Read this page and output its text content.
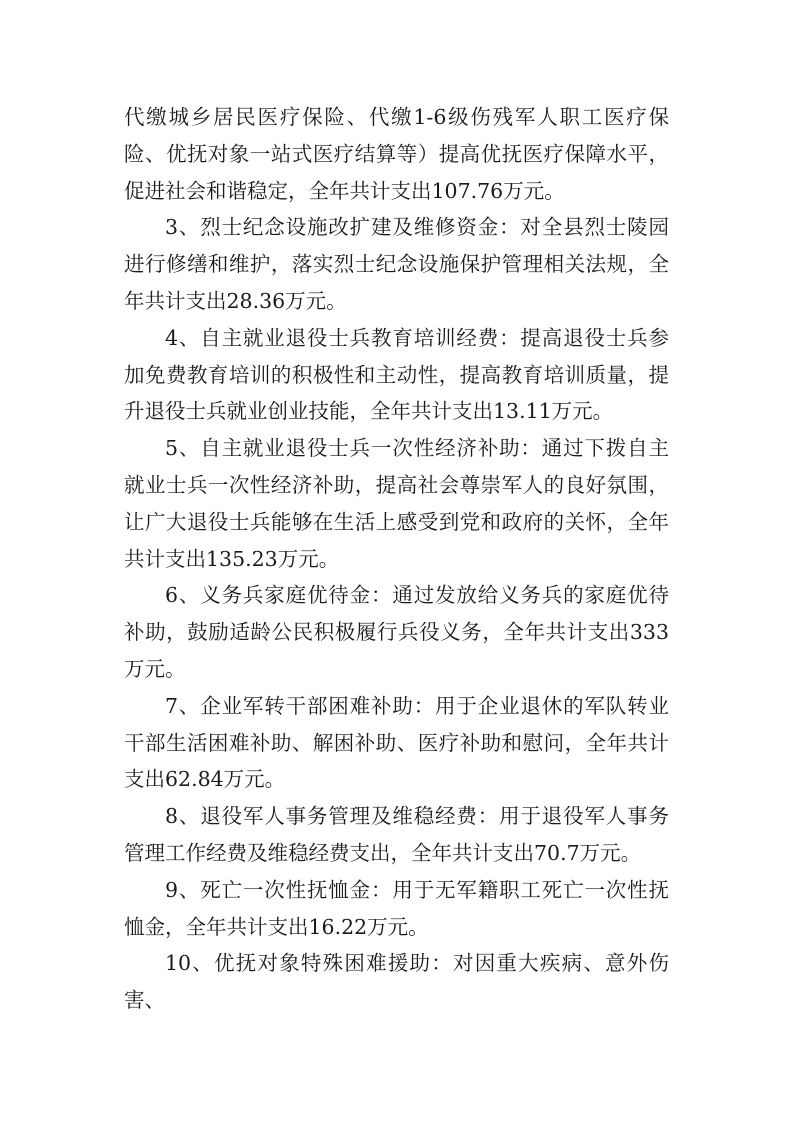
代缴城乡居民医疗保险、代缴1-6级伤残军人职工医疗保险、优抚对象一站式医疗结算等）提高优抚医疗保障水平，促进社会和谐稳定，全年共计支出107.76万元。

3、烈士纪念设施改扩建及维修资金：对全县烈士陵园进行修缮和维护，落实烈士纪念设施保护管理相关法规，全年共计支出28.36万元。

4、自主就业退役士兵教育培训经费：提高退役士兵参加免费教育培训的积极性和主动性，提高教育培训质量，提升退役士兵就业创业技能，全年共计支出13.11万元。

5、自主就业退役士兵一次性经济补助：通过下拨自主就业士兵一次性经济补助，提高社会尊崇军人的良好氛围，让广大退役士兵能够在生活上感受到党和政府的关怀，全年共计支出135.23万元。

6、义务兵家庭优待金：通过发放给义务兵的家庭优待补助，鼓励适龄公民积极履行兵役义务，全年共计支出333万元。

7、企业军转干部困难补助：用于企业退休的军队转业干部生活困难补助、解困补助、医疗补助和慰问，全年共计支出62.84万元。

8、退役军人事务管理及维稳经费：用于退役军人事务管理工作经费及维稳经费支出，全年共计支出70.7万元。

9、死亡一次性抚恤金：用于无军籍职工死亡一次性抚恤金，全年共计支出16.22万元。

10、优抚对象特殊困难援助：对因重大疾病、意外伤害、
